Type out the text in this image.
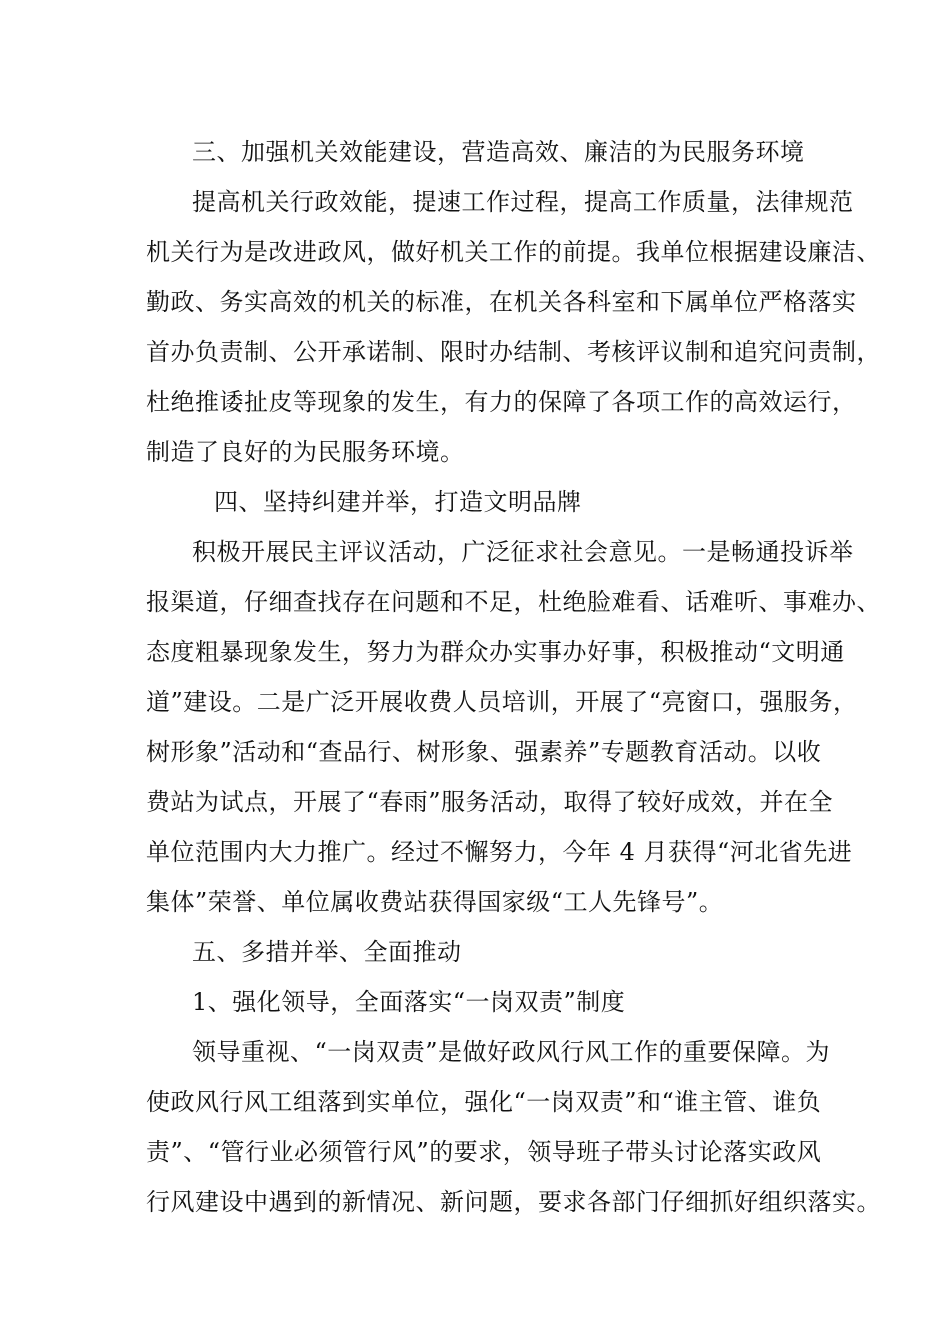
三、加强机关效能建设，营造高效、廉洁的为民服务环境
提高机关行政效能，提速工作过程，提高工作质量，法律规范
机关行为是改进政风，做好机关工作的前提。我单位根据建设廉洁、
勤政、务实高效的机关的标准，在机关各科室和下属单位严格落实
首办负责制、公开承诺制、限时办结制、考核评议制和追究问责制，
杜绝推诿扯皮等现象的发生，有力的保障了各项工作的高效运行，
制造了良好的为民服务环境。
四、坚持纠建并举，打造文明品牌
积极开展民主评议活动，广泛征求社会意见。一是畅通投诉举
报渠道，仔细查找存在问题和不足，杜绝脸难看、话难听、事难办、
态度粗暴现象发生，努力为群众办实事办好事，积极推动“文明通
道”建设。二是广泛开展收费人员培训，开展了“亮窗口，强服务，
树形象”活动和“查品行、树形象、强素养”专题教育活动。以收
费站为试点，开展了“春雨”服务活动，取得了较好成效，并在全
单位范围内大力推广。经过不懈努力，今年 4 月获得“河北省先进
集体”荣誉、单位属收费站获得国家级“工人先锋号”。
五、多措并举、全面推动
1、强化领导，全面落实“一岗双责”制度
领导重视、“一岗双责”是做好政风行风工作的重要保障。为
使政风行风工组落到实单位，强化“一岗双责”和“谁主管、谁负
责”、“管行业必须管行风”的要求，领导班子带头讨论落实政风
行风建设中遇到的新情况、新问题，要求各部门仔细抓好组织落实。
